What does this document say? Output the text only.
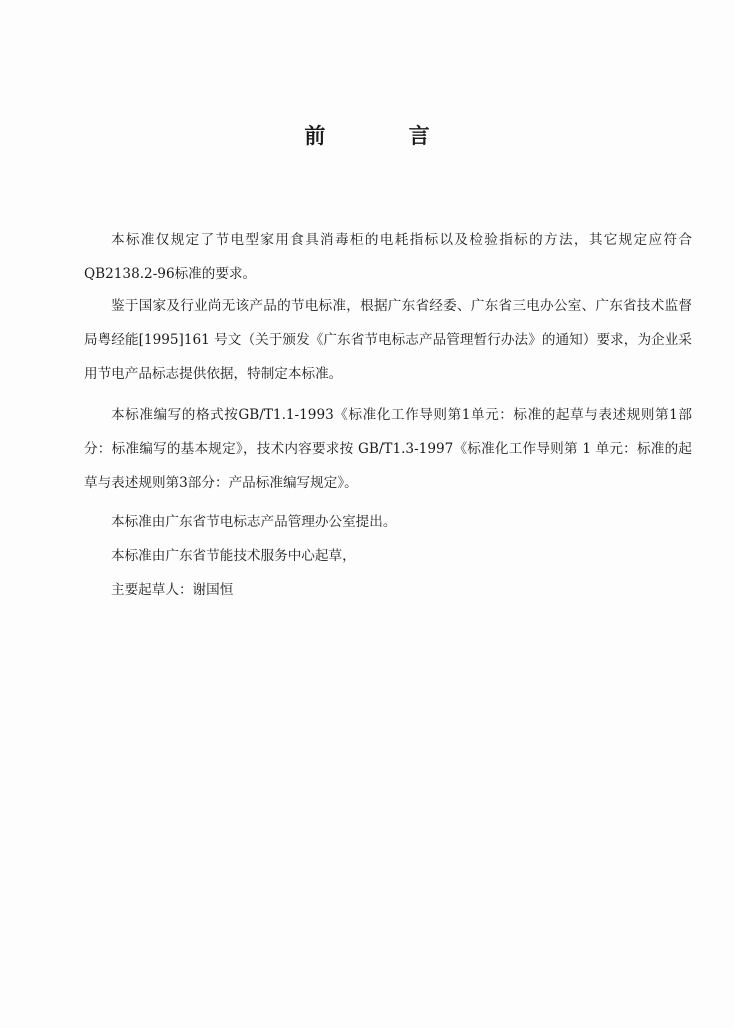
前 言

本标准仅规定了节电型家用食具消毒柜的电耗指标以及检验指标的方法，其它规定应符合QB2138.2-96标准的要求。

鉴于国家及行业尚无该产品的节电标准，根据广东省经委、广东省三电办公室、广东省技术监督局粤经能[1995]161 号文（关于颁发《广东省节电标志产品管理暂行办法》的通知）要求，为企业采用节电产品标志提供依据，特制定本标准。

本标准编写的格式按GB/T1.1-1993《标准化工作导则第1单元：标准的起草与表述规则第1部分：标准编写的基本规定》，技术内容要求按 GB/T1.3-1997《标准化工作导则第 1 单元：标准的起草与表述规则第3部分：产品标准编写规定》。

本标准由广东省节电标志产品管理办公室提出。

本标准由广东省节能技术服务中心起草，

主要起草人：谢国恒
